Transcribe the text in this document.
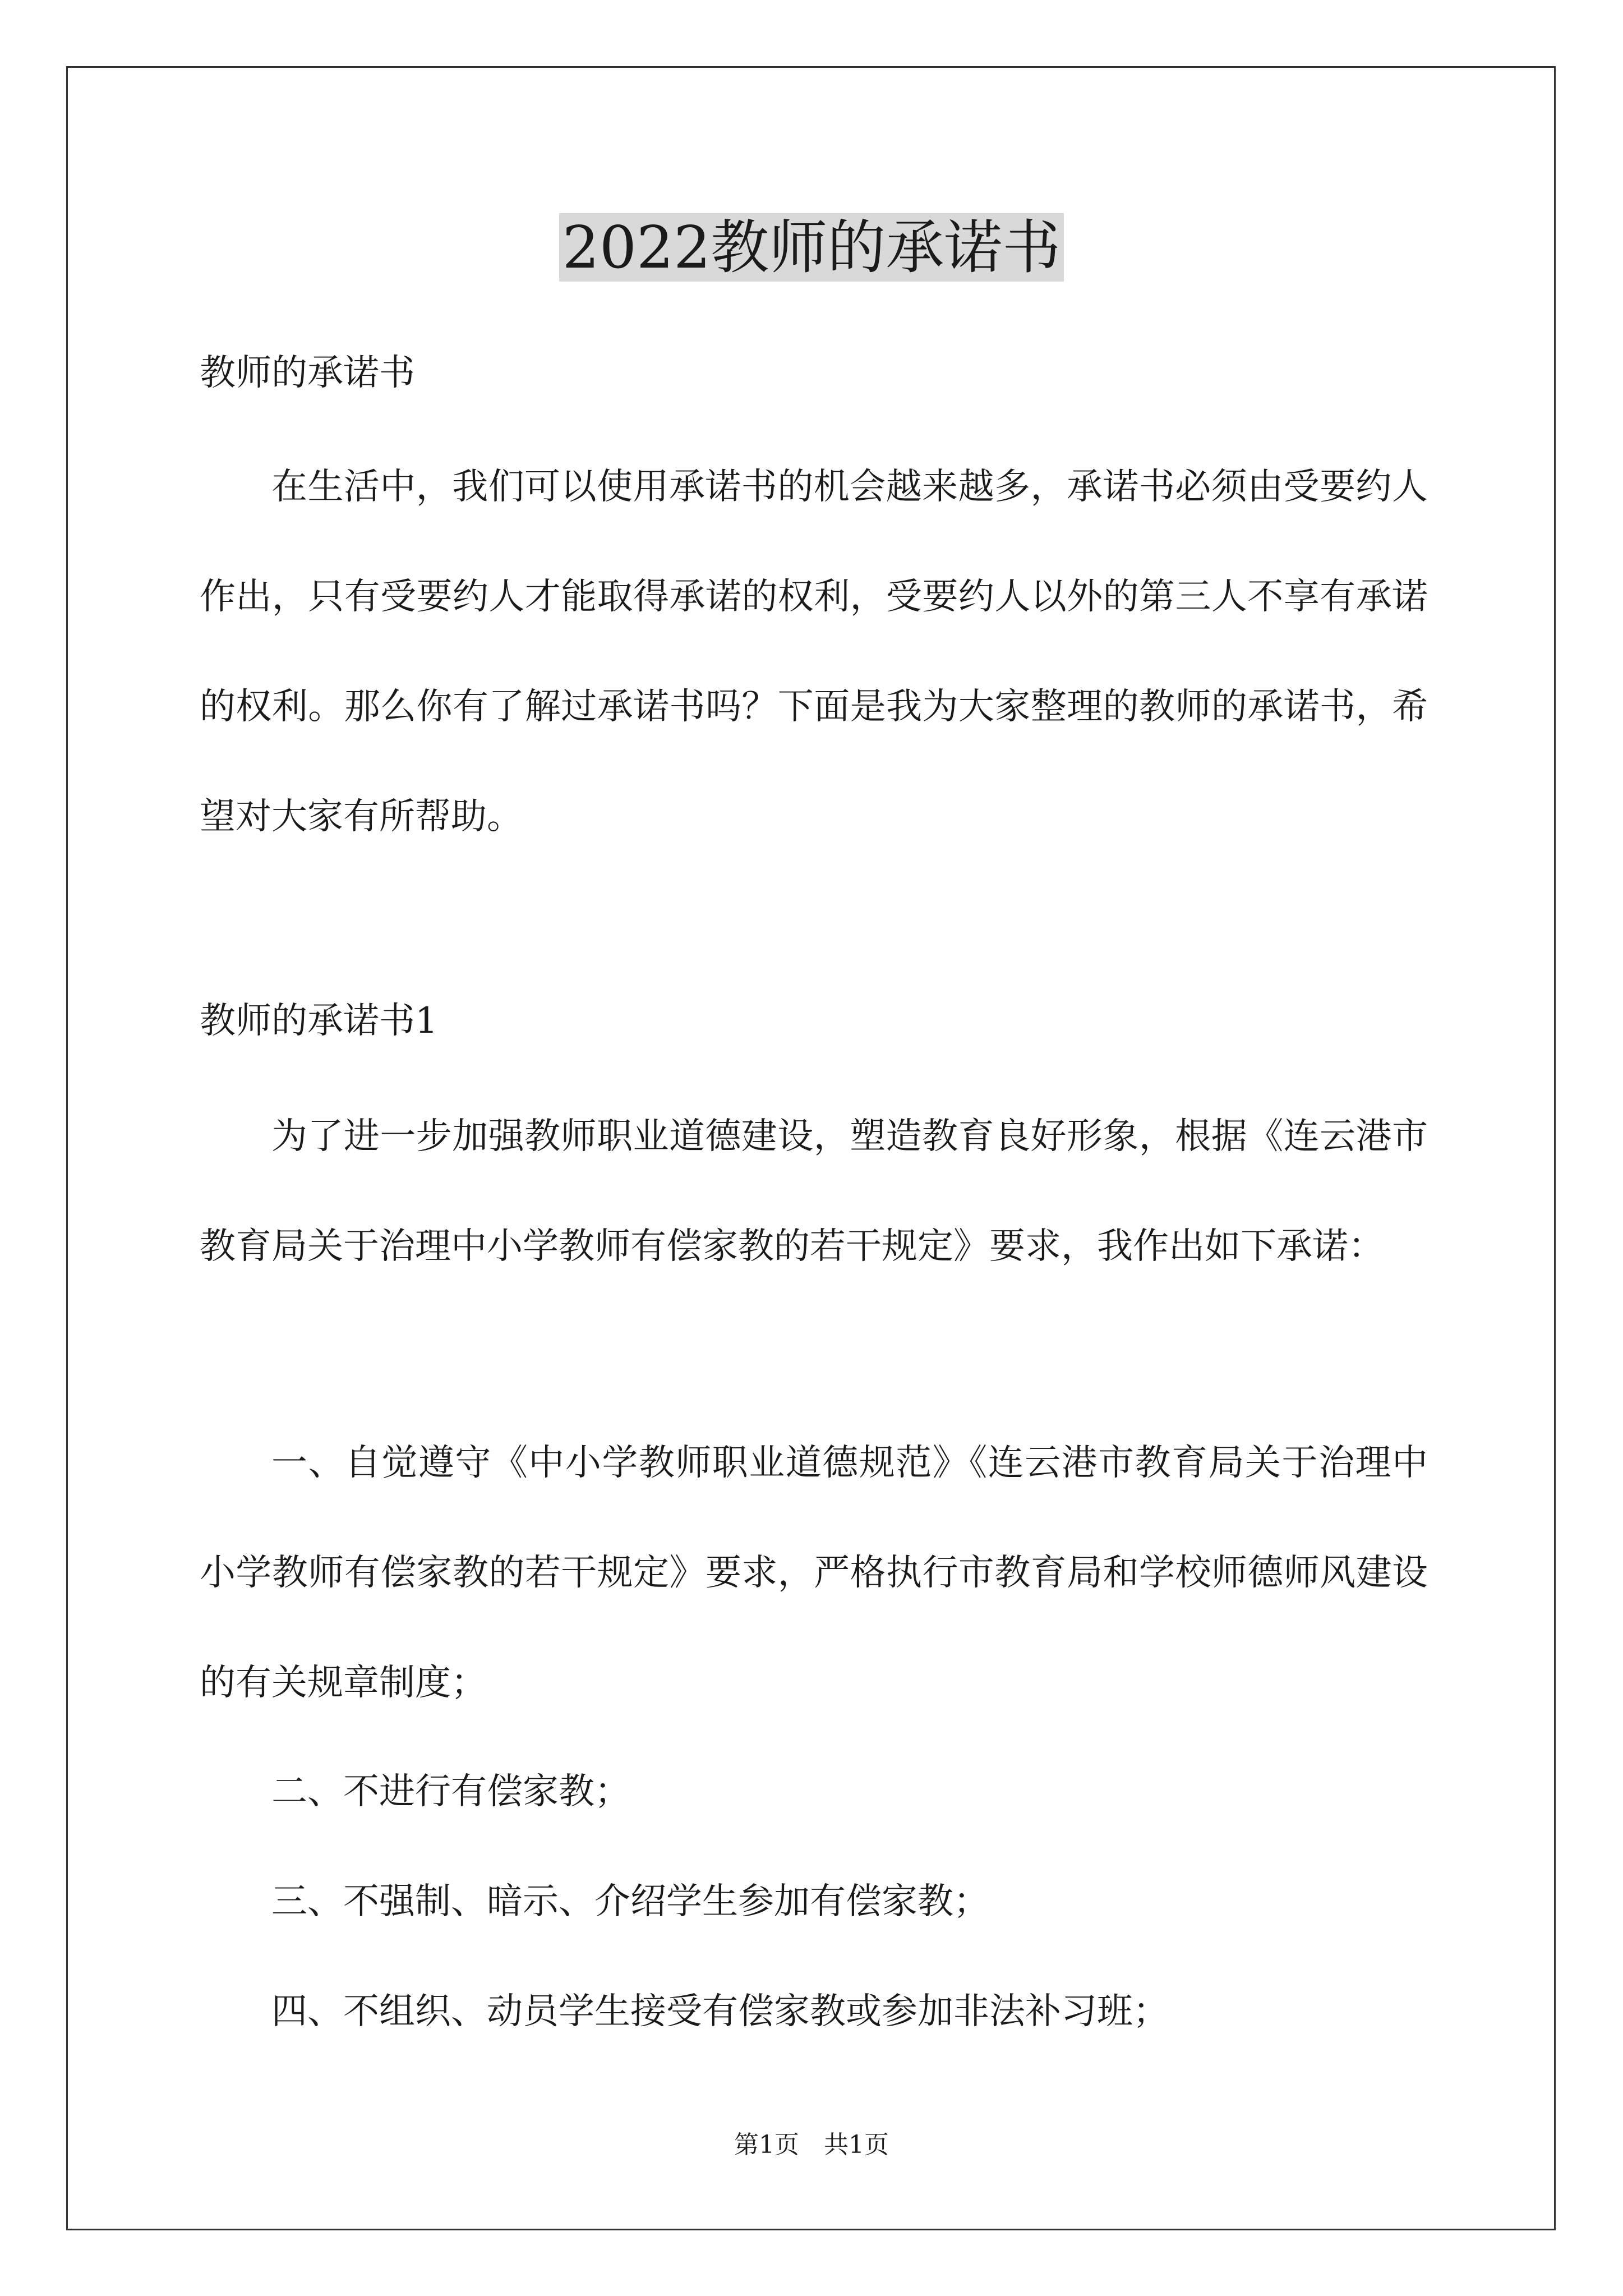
2022教师的承诺书

教师的承诺书

在生活中，我们可以使用承诺书的机会越来越多，承诺书必须由受要约人作出，只有受要约人才能取得承诺的权利，受要约人以外的第三人不享有承诺的权利。那么你有了解过承诺书吗？下面是我为大家整理的教师的承诺书，希望对大家有所帮助。

教师的承诺书1

为了进一步加强教师职业道德建设，塑造教育良好形象，根据《连云港市教育局关于治理中小学教师有偿家教的若干规定》要求，我作出如下承诺：

一、自觉遵守《中小学教师职业道德规范》《连云港市教育局关于治理中小学教师有偿家教的若干规定》要求，严格执行市教育局和学校师德师风建设的有关规章制度；

二、不进行有偿家教；

三、不强制、暗示、介绍学生参加有偿家教；

四、不组织、动员学生接受有偿家教或参加非法补习班；

第1页　共1页
